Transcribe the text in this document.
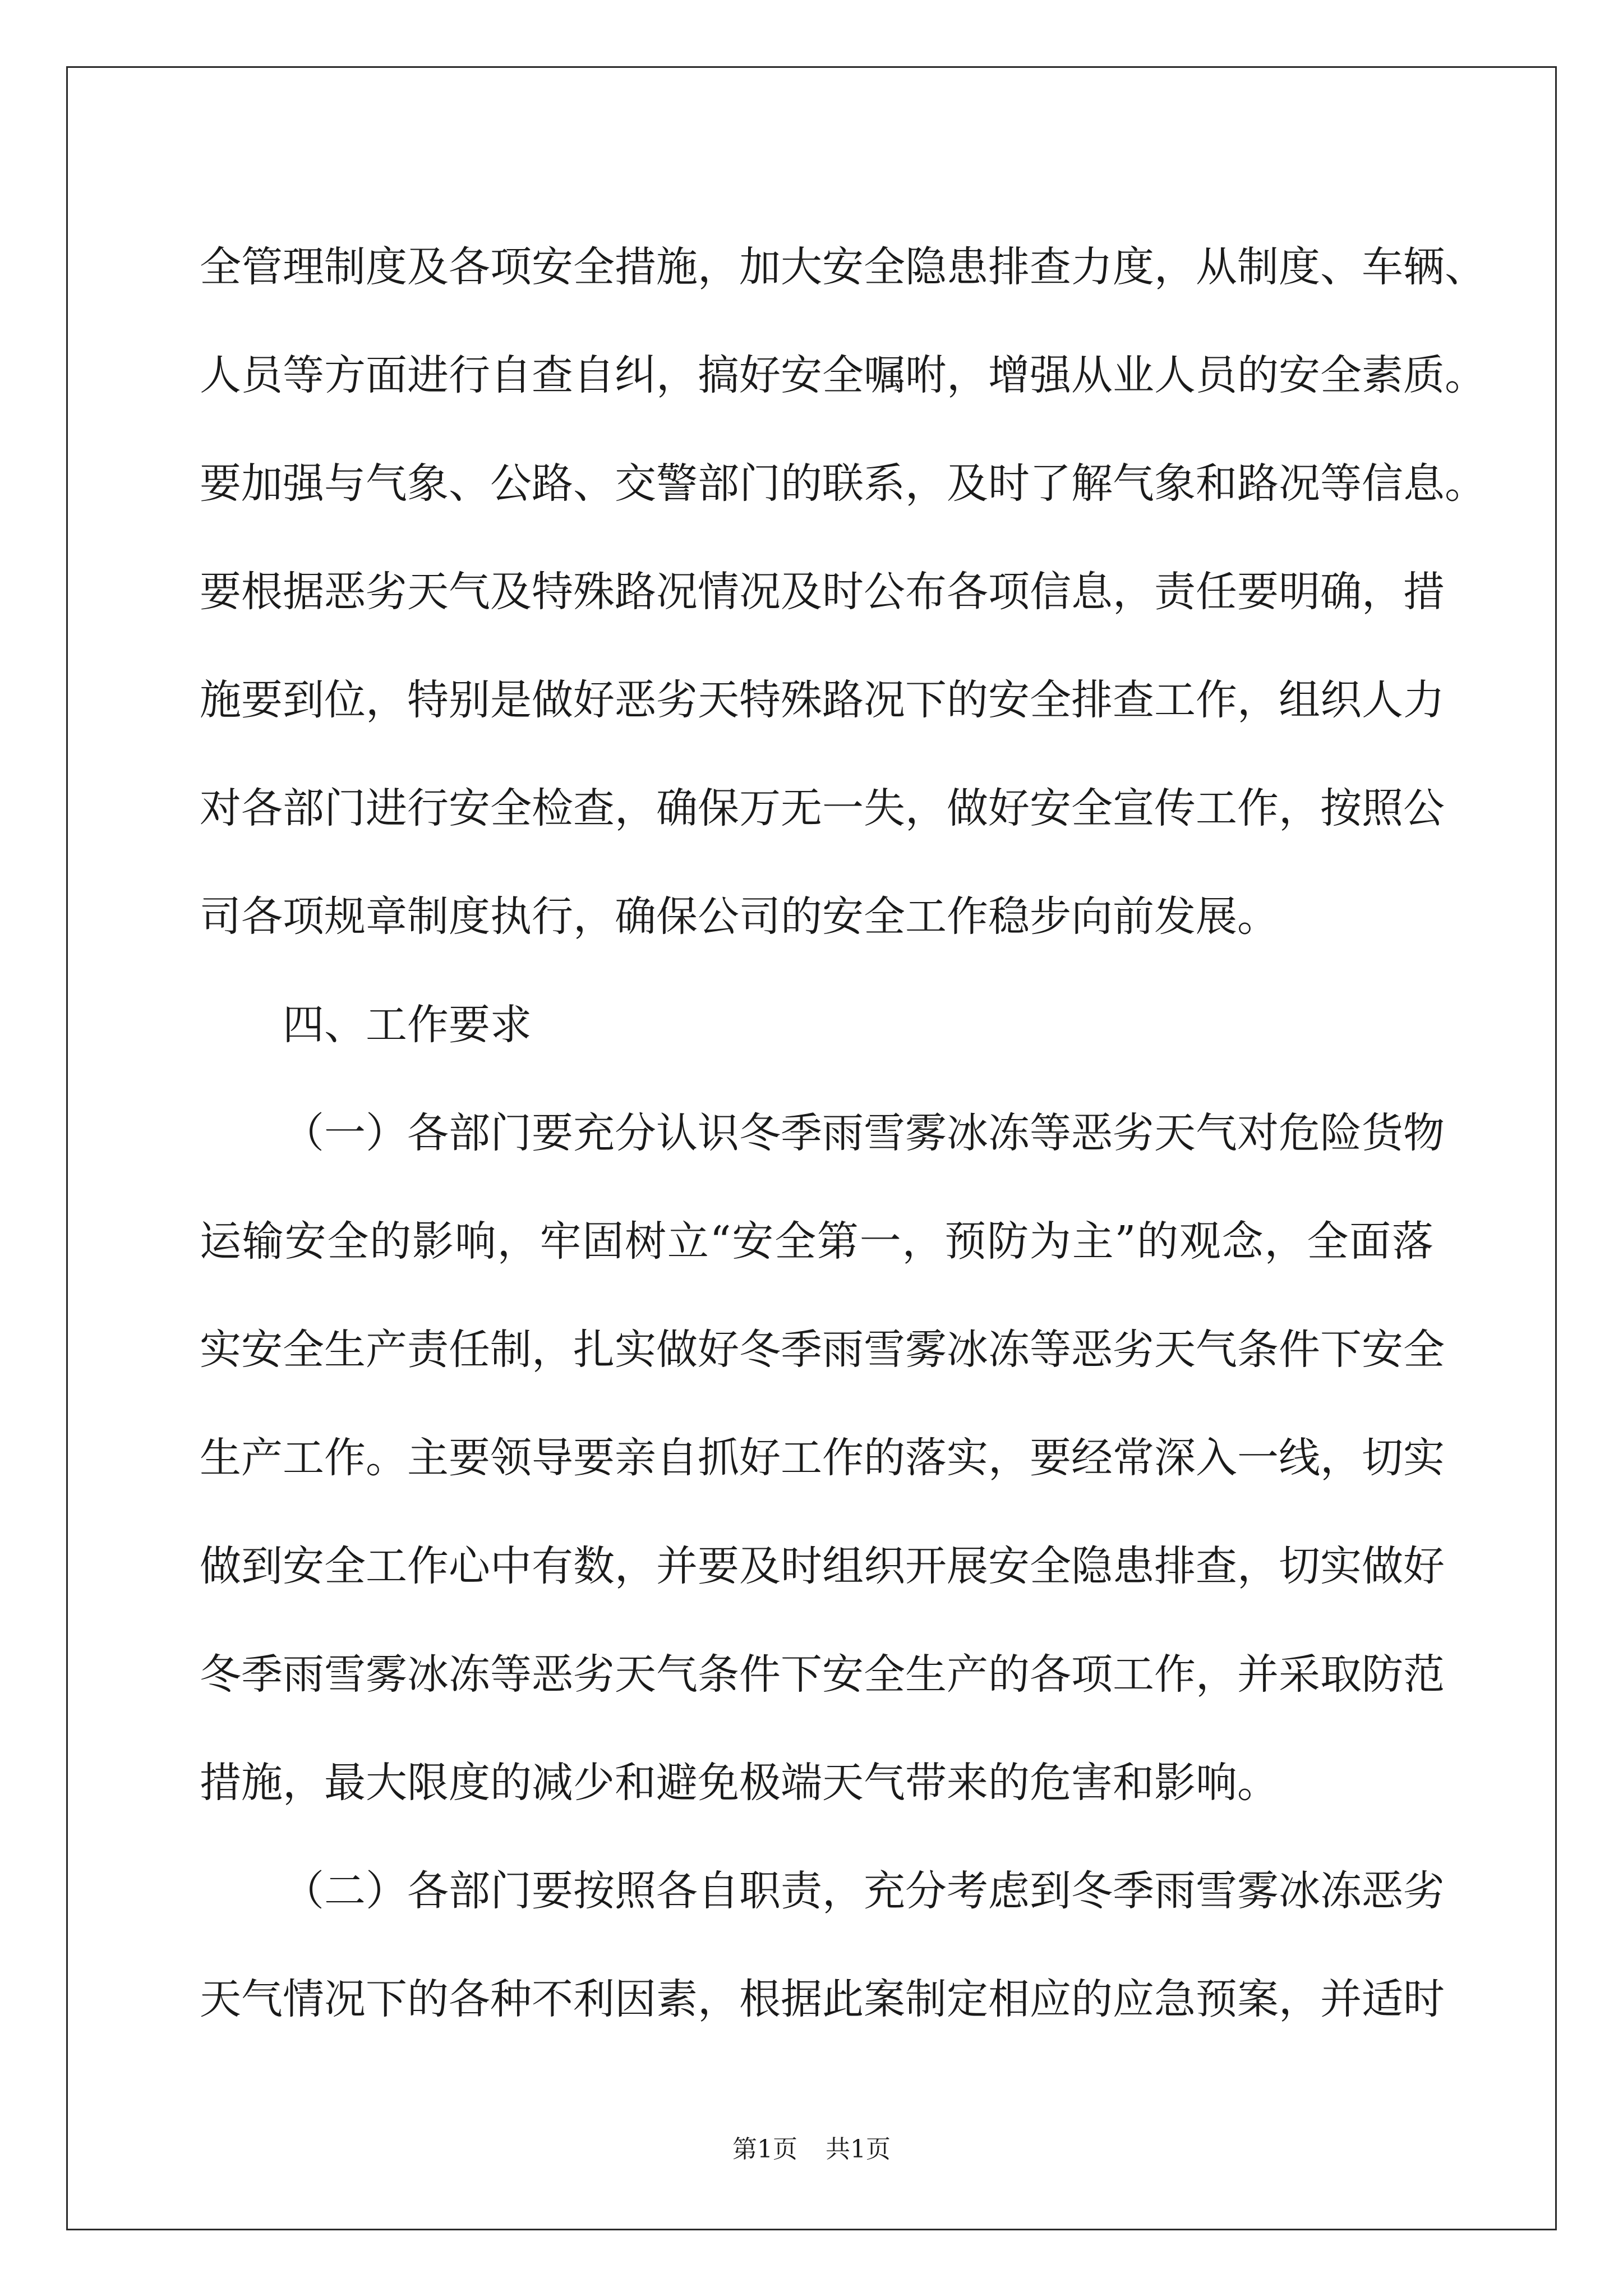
全管理制度及各项安全措施，加大安全隐患排查力度，从制度、车辆、
人员等方面进行自查自纠，搞好安全嘱咐，增强从业人员的安全素质。
要加强与气象、公路、交警部门的联系，及时了解气象和路况等信息。
要根据恶劣天气及特殊路况情况及时公布各项信息，责任要明确，措
施要到位，特别是做好恶劣天特殊路况下的安全排查工作，组织人力
对各部门进行安全检查，确保万无一失，做好安全宣传工作，按照公
司各项规章制度执行，确保公司的安全工作稳步向前发展。
四、工作要求
（一）各部门要充分认识冬季雨雪雾冰冻等恶劣天气对危险货物
运输安全的影响，牢固树立“安全第一，预防为主”的观念，全面落
实安全生产责任制，扎实做好冬季雨雪雾冰冻等恶劣天气条件下安全
生产工作。主要领导要亲自抓好工作的落实，要经常深入一线，切实
做到安全工作心中有数，并要及时组织开展安全隐患排查，切实做好
冬季雨雪雾冰冻等恶劣天气条件下安全生产的各项工作，并采取防范
措施，最大限度的减少和避免极端天气带来的危害和影响。
（二）各部门要按照各自职责，充分考虑到冬季雨雪雾冰冻恶劣
天气情况下的各种不利因素，根据此案制定相应的应急预案，并适时
第1页 共1页
